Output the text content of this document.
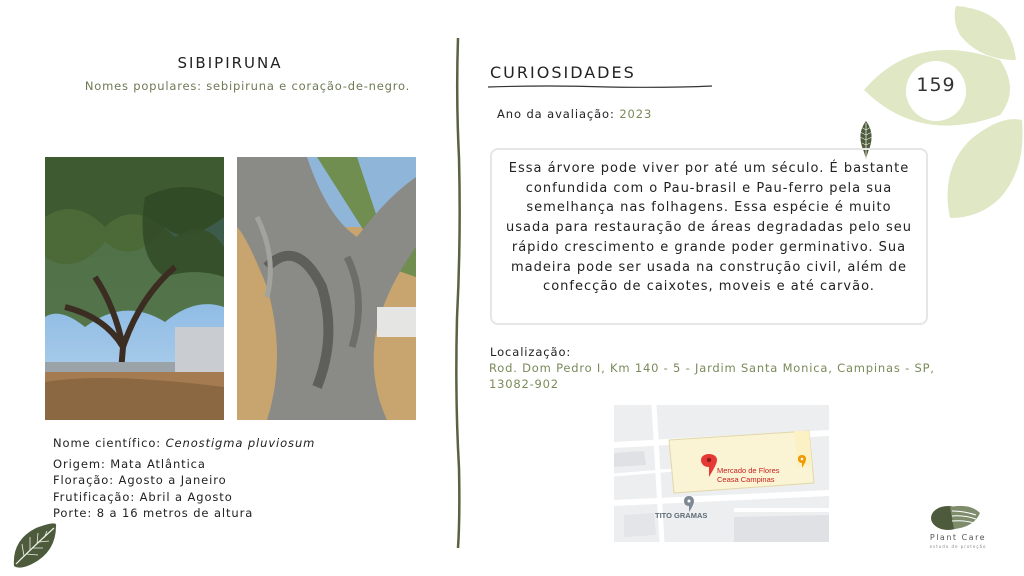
SIBIPIRUNA
Nomes populares: sebipiruna e coração-de-negro.
Nome científico: Cenostigma pluviosum
Origem: Mata Atlântica
Floração: Agosto a Janeiro
Frutificação: Abril a Agosto
Porte: 8 a 16 metros de altura
CURIOSIDADES
Ano da avaliação: 2023
Essa árvore pode viver por até um século. É bastante confundida com o Pau-brasil e Pau-ferro pela sua semelhança nas folhagens. Essa espécie é muito usada para restauração de áreas degradadas pelo seu rápido crescimento e grande poder germinativo. Sua madeira pode ser usada na construção civil, além de confecção de caixotes, moveis e até carvão.
Localização:
Rod. Dom Pedro I, Km 140 - 5 - Jardim Santa Monica, Campinas - SP, 13082-902
Mercado de Flores
Ceasa Campinas
TITO GRAMAS
159
Plant Care
estudo de proteção
